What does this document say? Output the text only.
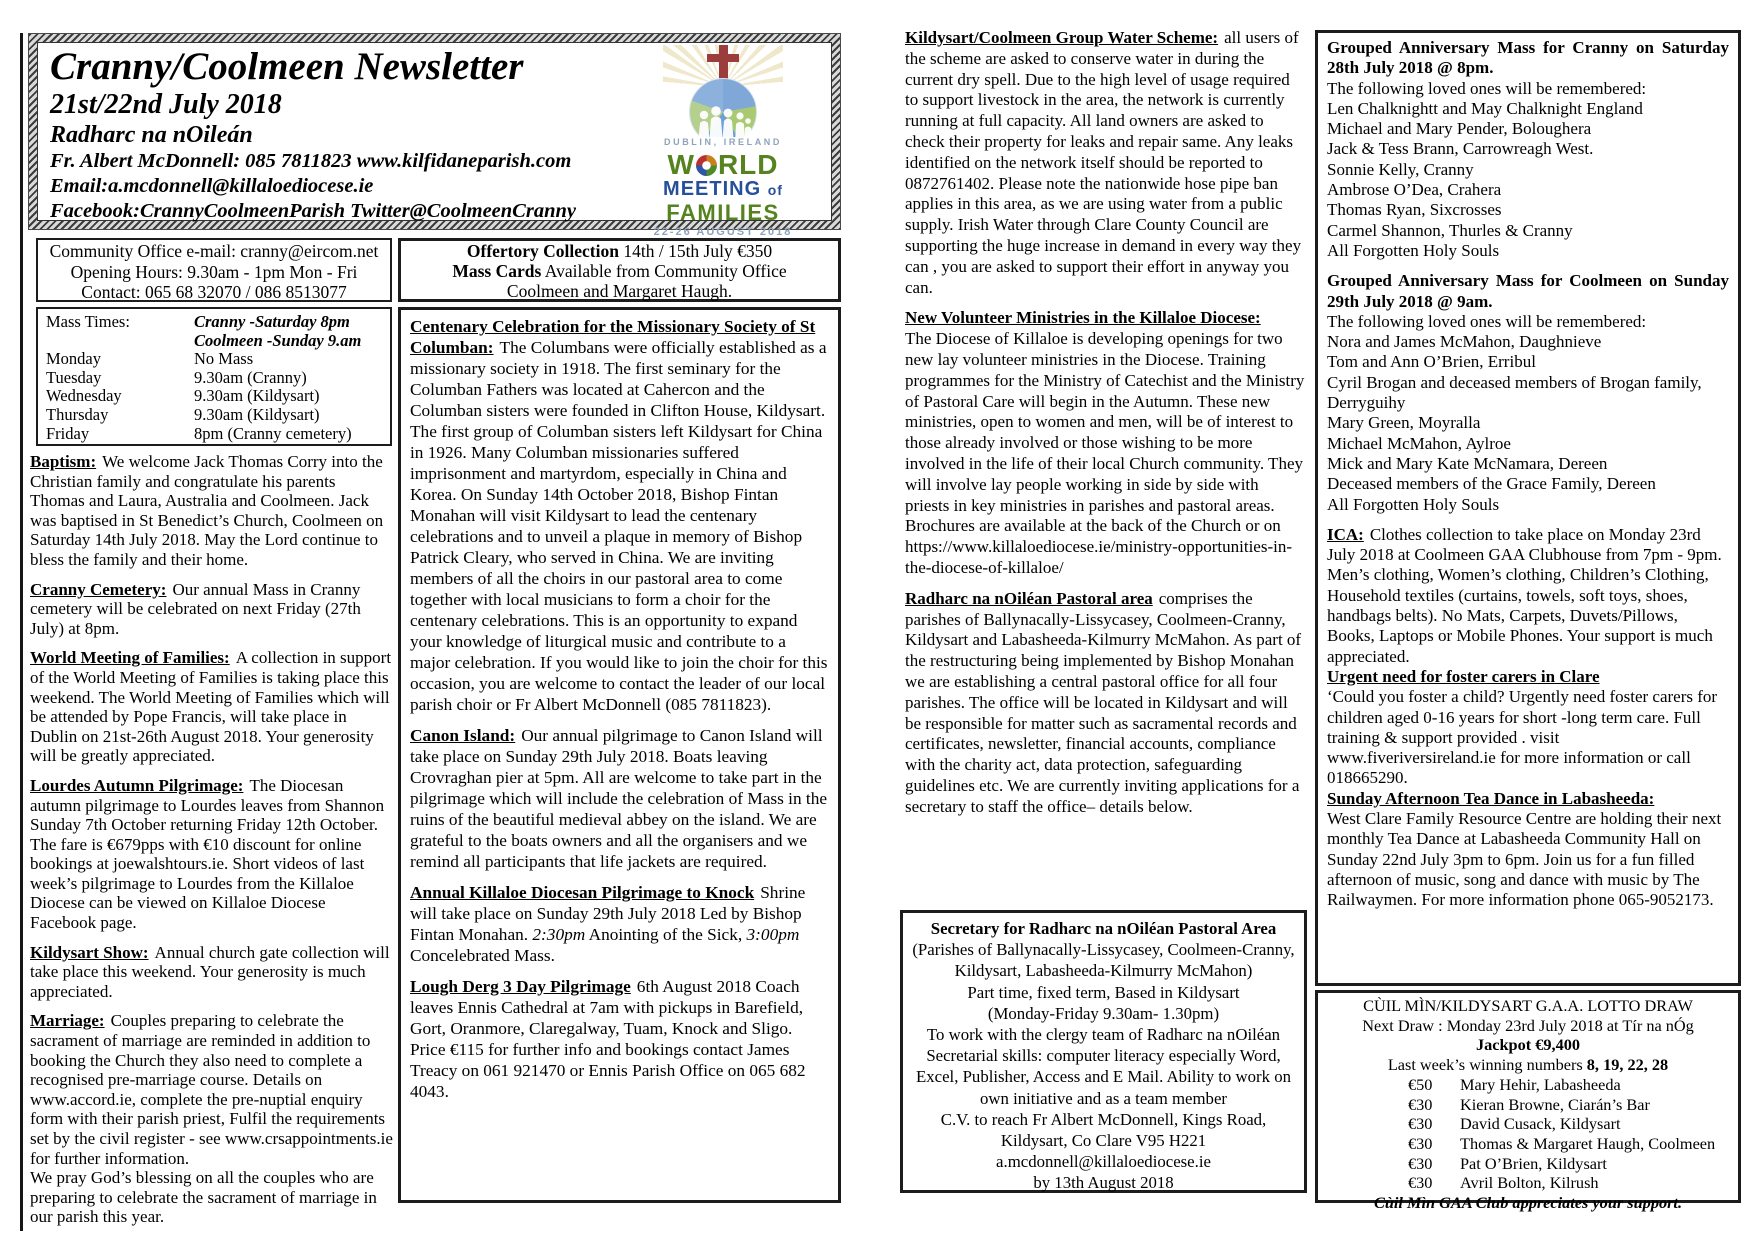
Cranny/Coolmeen Newsletter
21st/22nd July 2018
Radharc na nOileán
Fr. Albert McDonnell: 085 7811823 www.kilfidaneparish.com
Email:a.mcdonnell@killaloediocese.ie
Facebook:CrannyCoolmeenParish Twitter@CoolmeenCranny
DUBLIN, IRELAND
W RLD
MEETING of
FAMILIES
22-26 AUGUST 2018
Community Office e-mail: cranny@eircom.net
Opening Hours: 9.30am - 1pm Mon - Fri
Contact: 065 68 32070 / 086 8513077
Offertory Collection 14th / 15th July €350
Mass Cards Available from Community Office
Coolmeen and Margaret Haugh.
Mass Times:	Cranny -Saturday 8pm
Coolmeen -Sunday 9.am
Monday	No Mass
Tuesday	9.30am (Cranny)
Wednesday	9.30am (Kildysart)
Thursday	9.30am (Kildysart)
Friday	8pm (Cranny cemetery)

Baptism: We welcome Jack Thomas Corry into the Christian family and congratulate his parents Thomas and Laura, Australia and Coolmeen. Jack was baptised in St Benedict’s Church, Coolmeen on Saturday 14th July 2018. May the Lord continue to bless the family and their home.

Cranny Cemetery: Our annual Mass in Cranny cemetery will be celebrated on next Friday (27th July) at 8pm.

World Meeting of Families: A collection in support of the World Meeting of Families is taking place this weekend. The World Meeting of Families which will be attended by Pope Francis, will take place in Dublin on 21st-26th August 2018. Your generosity will be greatly appreciated.

Lourdes Autumn Pilgrimage: The Diocesan autumn pilgrimage to Lourdes leaves from Shannon Sunday 7th October returning Friday 12th October. The fare is €679pps with €10 discount for online bookings at joewalshtours.ie. Short videos of last week’s pilgrimage to Lourdes from the Killaloe Diocese can be viewed on Killaloe Diocese Facebook page.

Kildysart Show: Annual church gate collection will take place this weekend. Your generosity is much appreciated.

Marriage: Couples preparing to celebrate the sacrament of marriage are reminded in addition to booking the Church they also need to complete a recognised pre-marriage course. Details on www.accord.ie, complete the pre-nuptial enquiry form with their parish priest, Fulfil the requirements set by the civil register - see www.crsappointments.ie for further information.

We pray God’s blessing on all the couples who are preparing to celebrate the sacrament of marriage in our parish this year.

Centenary Celebration for the Missionary Society of St Columban: The Columbans were officially established as a missionary society in 1918. The first seminary for the Columban Fathers was located at Cahercon and the Columban sisters were founded in Clifton House, Kildysart. The first group of Columban sisters left Kildysart for China in 1926. Many Columban missionaries suffered imprisonment and martyrdom, especially in China and Korea. On Sunday 14th October 2018, Bishop Fintan Monahan will visit Kildysart to lead the centenary celebrations and to unveil a plaque in memory of Bishop Patrick Cleary, who served in China. We are inviting members of all the choirs in our pastoral area to come together with local musicians to form a choir for the centenary celebrations. This is an opportunity to expand your knowledge of liturgical music and contribute to a major celebration. If you would like to join the choir for this occasion, you are welcome to contact the leader of our local parish choir or Fr Albert McDonnell (085 7811823).

Canon Island: Our annual pilgrimage to Canon Island will take place on Sunday 29th July 2018. Boats leaving Crovraghan pier at 5pm. All are welcome to take part in the pilgrimage which will include the celebration of Mass in the ruins of the beautiful medieval abbey on the island. We are grateful to the boats owners and all the organisers and we remind all participants that life jackets are required.

Annual Killaloe Diocesan Pilgrimage to Knock Shrine will take place on Sunday 29th July 2018 Led by Bishop Fintan Monahan. 2:30pm Anointing of the Sick, 3:00pm Concelebrated Mass.

Lough Derg 3 Day Pilgrimage 6th August 2018 Coach leaves Ennis Cathedral at 7am with pickups in Barefield, Gort, Oranmore, Claregalway, Tuam, Knock and Sligo. Price €115 for further info and bookings contact James Treacy on 061 921470 or Ennis Parish Office on 065 682 4043.

Kildysart/Coolmeen Group Water Scheme: all users of the scheme are asked to conserve water in during the current dry spell. Due to the high level of usage required to support livestock in the area, the network is currently running at full capacity. All land owners are asked to check their property for leaks and repair same. Any leaks identified on the network itself should be reported to 0872761402. Please note the nationwide hose pipe ban applies in this area, as we are using water from a public supply. Irish Water through Clare County Council are supporting the huge increase in demand in every way they can , you are asked to support their effort in anyway you can.

New Volunteer Ministries in the Killaloe Diocese:
The Diocese of Killaloe is developing openings for two new lay volunteer ministries in the Diocese. Training programmes for the Ministry of Catechist and the Ministry of Pastoral Care will begin in the Autumn. These new ministries, open to women and men, will be of interest to those already involved or those wishing to be more involved in the life of their local Church community. They will involve lay people working in side by side with priests in key ministries in parishes and pastoral areas. Brochures are available at the back of the Church or on https://www.killaloediocese.ie/ministry-opportunities-in-the-diocese-of-killaloe/

Radharc na nOiléan Pastoral area comprises the parishes of Ballynacally-Lissycasey, Coolmeen-Cranny, Kildysart and Labasheeda-Kilmurry McMahon. As part of the restructuring being implemented by Bishop Monahan we are establishing a central pastoral office for all four parishes. The office will be located in Kildysart and will be responsible for matter such as sacramental records and certificates, newsletter, financial accounts, compliance with the charity act, data protection, safeguarding guidelines etc. We are currently inviting applications for a secretary to staff the office– details below.

Secretary for Radharc na nOiléan Pastoral Area
(Parishes of Ballynacally-Lissycasey, Coolmeen-Cranny, Kildysart, Labasheeda-Kilmurry McMahon)
Part time, fixed term, Based in Kildysart
(Monday-Friday 9.30am- 1.30pm)
To work with the clergy team of Radharc na nOiléan
Secretarial skills: computer literacy especially Word, Excel, Publisher, Access and E Mail. Ability to work on own initiative and as a team member
C.V. to reach Fr Albert McDonnell, Kings Road, Kildysart, Co Clare V95 H221
a.mcdonnell@killaloediocese.ie
by 13th August 2018
Grouped Anniversary Mass for Cranny on Saturday 28th July 2018 @ 8pm.
The following loved ones will be remembered:
Len Chalknightt and May Chalknight England
Michael and Mary Pender, Boloughera
Jack & Tess Brann, Carrowreagh West.
Sonnie Kelly, Cranny
Ambrose O’Dea, Crahera
Thomas Ryan, Sixcrosses
Carmel Shannon, Thurles & Cranny
All Forgotten Holy Souls
Grouped Anniversary Mass for Coolmeen on Sunday 29th July 2018 @ 9am.
The following loved ones will be remembered:
Nora and James McMahon, Daughnieve
Tom and Ann O’Brien, Erribul
Cyril Brogan and deceased members of Brogan family, Derryguihy
Mary Green, Moyralla
Michael McMahon, Aylroe
Mick and Mary Kate McNamara, Dereen
Deceased members of the Grace Family, Dereen
All Forgotten Holy Souls

ICA: Clothes collection to take place on Monday 23rd July 2018 at Coolmeen GAA Clubhouse from 7pm - 9pm. Men’s clothing, Women’s clothing, Children’s Clothing, Household textiles (curtains, towels, soft toys, shoes, handbags belts). No Mats, Carpets, Duvets/Pillows, Books, Laptops or Mobile Phones. Your support is much appreciated.

Urgent need for foster carers in Clare
‘Could you foster a child? Urgently need foster carers for children aged 0-16 years for short -long term care. Full training & support provided . visit www.fiveriversireland.ie for more information or call 018665290.

Sunday Afternoon Tea Dance in Labasheeda:
West Clare Family Resource Centre are holding their next monthly Tea Dance at Labasheeda Community Hall on Sunday 22nd July 3pm to 6pm. Join us for a fun filled afternoon of music, song and dance with music by The Railwaymen. For more information phone 065-9052173.

CÙIL MÌN/KILDYSART G.A.A. LOTTO DRAW
Next Draw : Monday 23rd July 2018 at Tír na nÓg
Jackpot €9,400
Last week’s winning numbers 8, 19, 22, 28
€50	Mary Hehir, Labasheeda
€30	Kieran Browne, Ciarán’s Bar
€30	David Cusack, Kildysart
€30	Thomas & Margaret Haugh, Coolmeen
€30	Pat O’Brien, Kildysart
€30	Avril Bolton, Kilrush
Cùil Mìn GAA Club appreciates your support.
